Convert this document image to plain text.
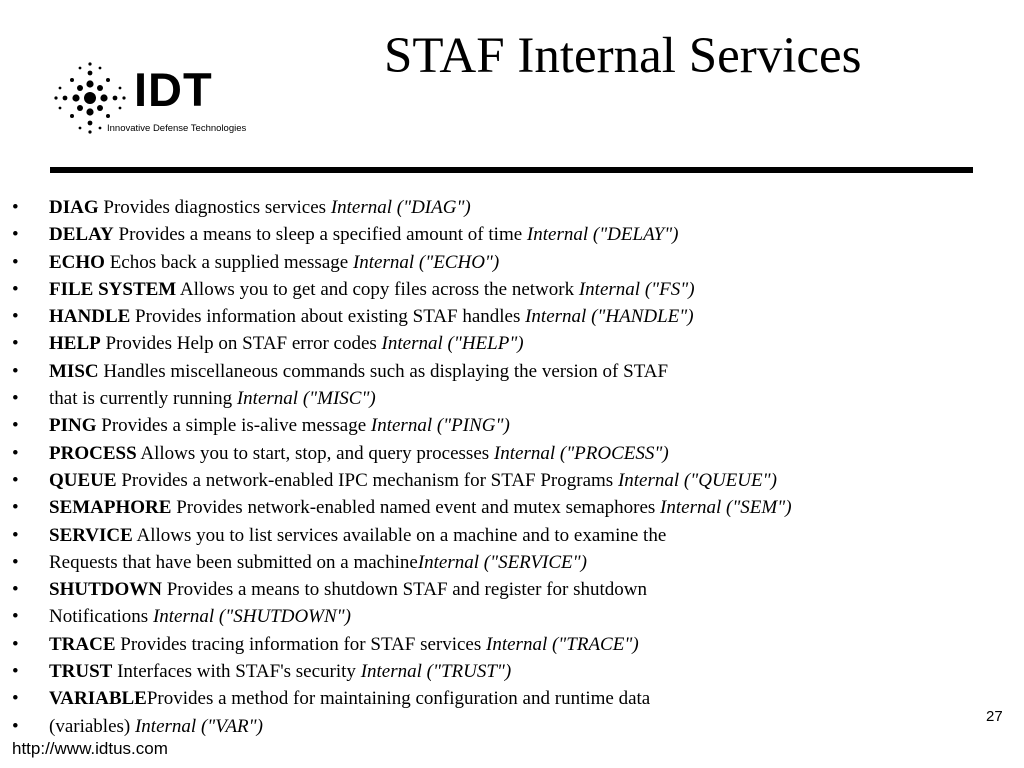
IDT
Innovative Defense Technologies
STAF Internal Services
• DIAG Provides diagnostics services Internal ("DIAG")
• DELAY Provides a means to sleep a specified amount of time Internal ("DELAY")
• ECHO Echos back a supplied message Internal ("ECHO")
• FILE SYSTEM Allows you to get and copy files across the network Internal ("FS")
• HANDLE Provides information about existing STAF handles Internal ("HANDLE")
• HELP Provides Help on STAF error codes Internal ("HELP")
• MISC Handles miscellaneous commands such as displaying the version of STAF
• that is currently running Internal ("MISC")
• PING Provides a simple is-alive message Internal ("PING")
• PROCESS Allows you to start, stop, and query processes Internal ("PROCESS")
• QUEUE Provides a network-enabled IPC mechanism for STAF Programs Internal ("QUEUE")
• SEMAPHORE Provides network-enabled named event and mutex semaphores Internal ("SEM")
• SERVICE Allows you to list services available on a machine and to examine the
• Requests that have been submitted on a machineInternal ("SERVICE")
• SHUTDOWN Provides a means to shutdown STAF and register for shutdown
• Notifications Internal ("SHUTDOWN")
• TRACE Provides tracing information for STAF services Internal ("TRACE")
• TRUST Interfaces with STAF's security Internal ("TRUST")
• VARIABLEProvides a method for maintaining configuration and runtime data
• (variables) Internal ("VAR")	27
http://www.idtus.com
